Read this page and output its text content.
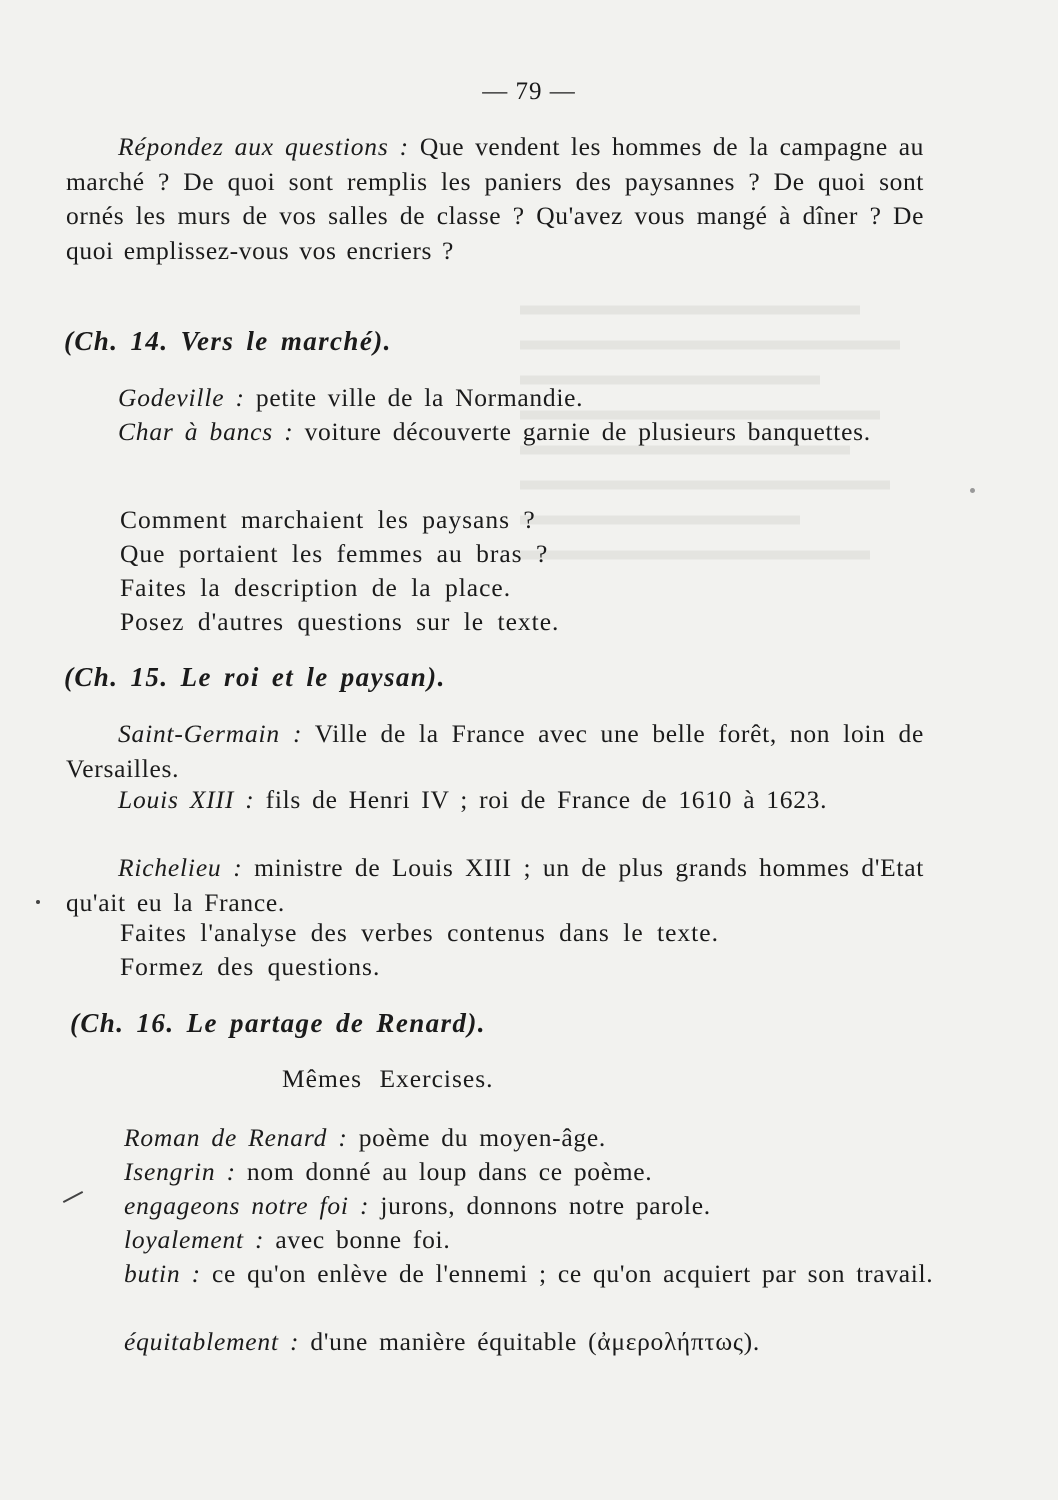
— 79 —
Répondez aux questions : Que vendent les hommes de la campagne au marché ? De quoi sont remplis les paniers des paysannes ? De quoi sont ornés les murs de vos salles de classe ? Qu'avez vous mangé à dîner ? De quoi emplissez-vous vos encriers ?
(Ch. 14. Vers le marché).
Godeville : petite ville de la Normandie.
Char à bancs : voiture découverte garnie de plusieurs banquettes.
Comment marchaient les paysans ?
Que portaient les femmes au bras ?
Faites la description de la place.
Posez d'autres questions sur le texte.
(Ch. 15. Le roi et le paysan).
Saint-Germain : Ville de la France avec une belle forêt, non loin de Versailles.
Louis XIII : fils de Henri IV ; roi de France de 1610 à 1623.
Richelieu : ministre de Louis XIII ; un de plus grands hommes d'Etat qu'ait eu la France.
Faites l'analyse des verbes contenus dans le texte.
Formez des questions.
(Ch. 16. Le partage de Renard).
Mêmes Exercises.
Roman de Renard : poème du moyen-âge.
Isengrin : nom donné au loup dans ce poème.
engageons notre foi : jurons, donnons notre parole.
loyalement : avec bonne foi.
butin : ce qu'on enlève de l'ennemi ; ce qu'on acquiert par son travail.
équitablement : d'une manière équitable (ἀμερολήπτως).
